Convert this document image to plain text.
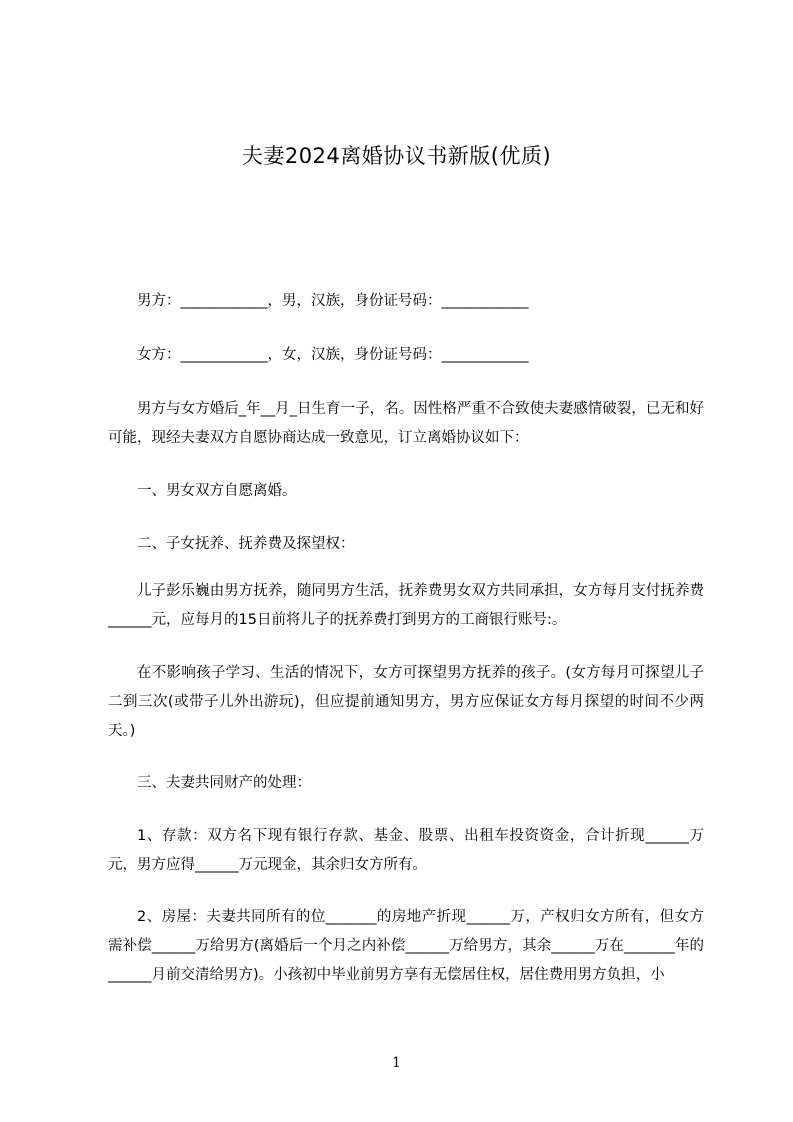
夫妻2024离婚协议书新版(优质)

男方：____________，男，汉族，身份证号码：____________

女方：____________，女，汉族，身份证号码：____________

男方与女方婚后_年__月_日生育一子，名。因性格严重不合致使夫妻感情破裂，已无和好可能，现经夫妻双方自愿协商达成一致意见，订立离婚协议如下：

一、男女双方自愿离婚。

二、子女抚养、抚养费及探望权：

儿子彭乐巍由男方抚养，随同男方生活，抚养费男女双方共同承担，女方每月支付抚养费______元，应每月的15日前将儿子的抚养费打到男方的工商银行账号:。

在不影响孩子学习、生活的情况下，女方可探望男方抚养的孩子。(女方每月可探望儿子二到三次(或带子儿外出游玩)，但应提前通知男方，男方应保证女方每月探望的时间不少两天。)

三、夫妻共同财产的处理：

1、存款：双方名下现有银行存款、基金、股票、出租车投资资金，合计折现______万元，男方应得______万元现金，其余归女方所有。

2、房屋：夫妻共同所有的位_______的房地产折现______万，产权归女方所有，但女方需补偿______万给男方(离婚后一个月之内补偿______万给男方，其余______万在_______年的______月前交清给男方)。小孩初中毕业前男方享有无偿居住权，居住费用男方负担，小

1
